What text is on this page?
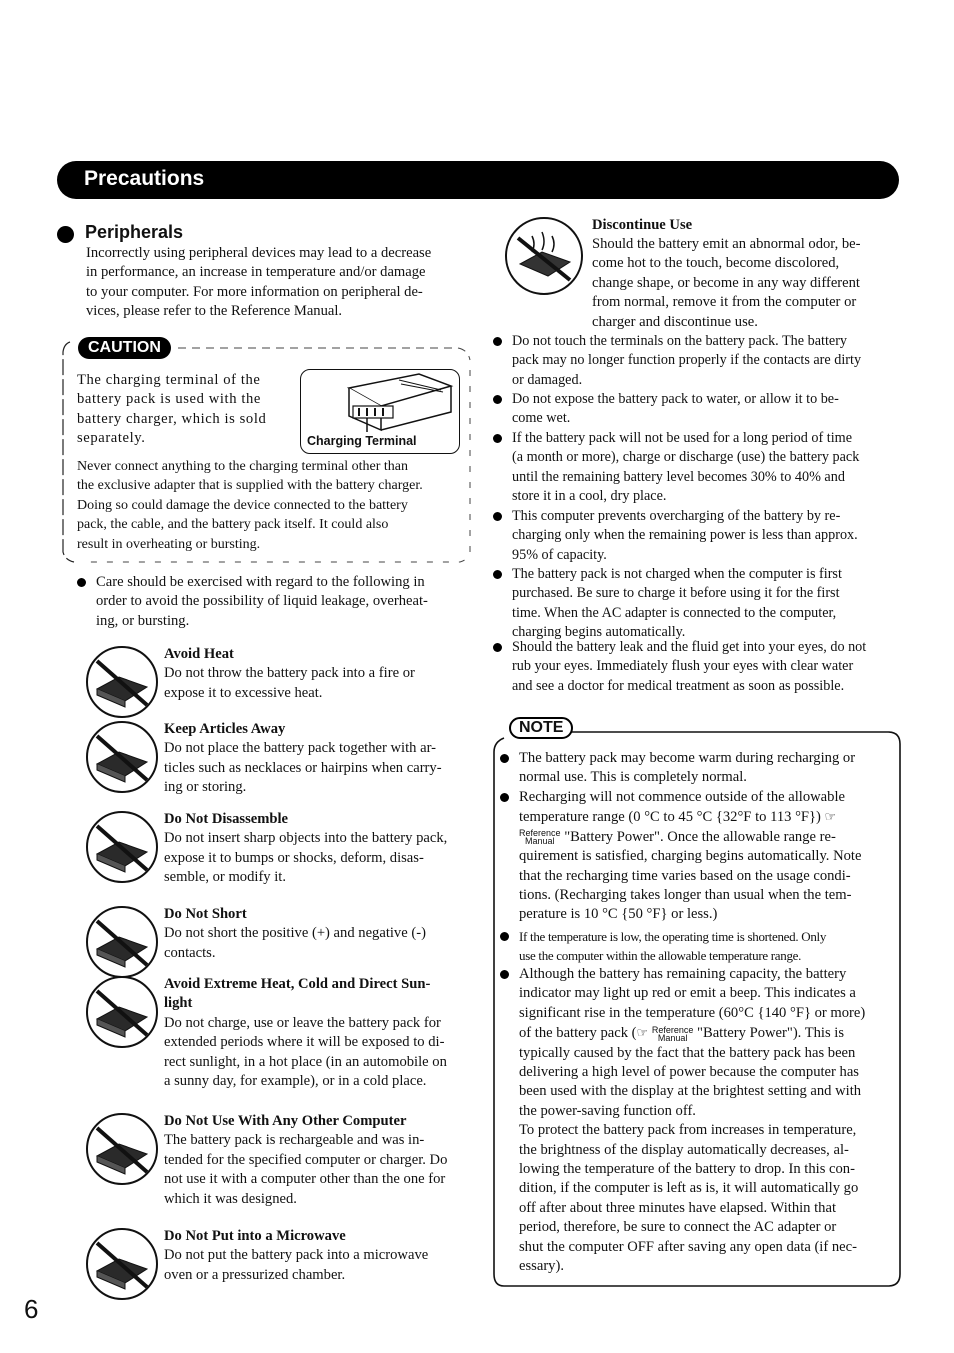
Precautions
Peripherals

Incorrectly using peripheral devices may lead to a decrease

in performance, an increase in temperature and/or damage

to your computer. For more information on peripheral de-

vices, please refer to the Reference Manual.

CAUTION

The charging terminal of the

battery pack is used with the

battery charger, which is sold

separately.	Charging Terminal

Never connect anything to the charging terminal other than

the exclusive adapter that is supplied with the battery charger.

Doing so could damage the device connected to the battery

pack, the cable, and the battery pack itself. It could also

result in overheating or bursting.

Care should be exercised with regard to the following in

order to avoid the possibility of liquid leakage, overheat-

ing, or bursting.

Avoid Heat

Do not throw the battery pack into a fire or

expose it to excessive heat.

Keep Articles Away

Do not place the battery pack together with ar-

ticles such as necklaces or hairpins when carry-

ing or storing.

Do Not Disassemble

Do not insert sharp objects into the battery pack,

expose it to bumps or shocks, deform, disas-

semble, or modify it.

Do Not Short

Do not short the positive (+) and negative (-)

contacts.

Avoid Extreme Heat, Cold and Direct Sun-
light

Do not charge, use or leave the battery pack for

extended periods where it will be exposed to di-

rect sunlight, in a hot place (in an automobile on

a sunny day, for example), or in a cold place.

Do Not Use With Any Other Computer

The battery pack is rechargeable and was in-

tended for the specified computer or charger. Do

not use it with a computer other than the one for

which it was designed.

Do Not Put into a Microwave

Do not put the battery pack into a microwave

oven or a pressurized chamber.

Discontinue Use

Should the battery emit an abnormal odor, be-

come hot to the touch, become discolored,

change shape, or become in any way different

from normal, remove it from the computer or

charger and discontinue use.

Do not touch the terminals on the battery pack. The battery

pack may no longer function properly if the contacts are dirty

or damaged.

Do not expose the battery pack to water, or allow it to be-

come wet.

If the battery pack will not be used for a long period of time

(a month or more), charge or discharge (use) the battery pack

until the remaining battery level becomes 30% to 40% and

store it in a cool, dry place.

This computer prevents overcharging of the battery by re-

charging only when the remaining power is less than approx.

95% of capacity.

The battery pack is not charged when the computer is first

purchased. Be sure to charge it before using it for the first

time. When the AC adapter is connected to the computer,

charging begins automatically.

Should the battery leak and the fluid get into your eyes, do not

rub your eyes. Immediately flush your eyes with clear water

and see a doctor for medical treatment as soon as possible.

NOTE

The battery pack may become warm during recharging or

normal use. This is completely normal.

Recharging will not commence outside of the allowable

temperature range (0 °C to 45 °C {32°F to 113 °F}) ☞

Reference
Manual "Battery Power". Once the allowable range re-

quirement is satisfied, charging begins automatically. Note

that the recharging time varies based on the usage condi-

tions. (Recharging takes longer than usual when the tem-

perature is 10 °C {50 °F} or less.)

If the temperature is low, the operating time is shortened. Only

use the computer within the allowable temperature range.

Although the battery has remaining capacity, the battery

indicator may light up red or emit a beep. This indicates a

significant rise in the temperature (60°C {140 °F} or more)

of the battery pack (☞ Reference
Manual "Battery Power"). This is

typically caused by the fact that the battery pack has been

delivering a high level of power because the computer has

been used with the display at the brightest setting and with

the power-saving function off.

To protect the battery pack from increases in temperature,

the brightness of the display automatically decreases, al-

lowing the temperature of the battery to drop. In this con-

dition, if the computer is left as is, it will automatically go

off after about three minutes have elapsed. Within that

period, therefore, be sure to connect the AC adapter or

shut the computer OFF after saving any open data (if nec-

essary).

6
